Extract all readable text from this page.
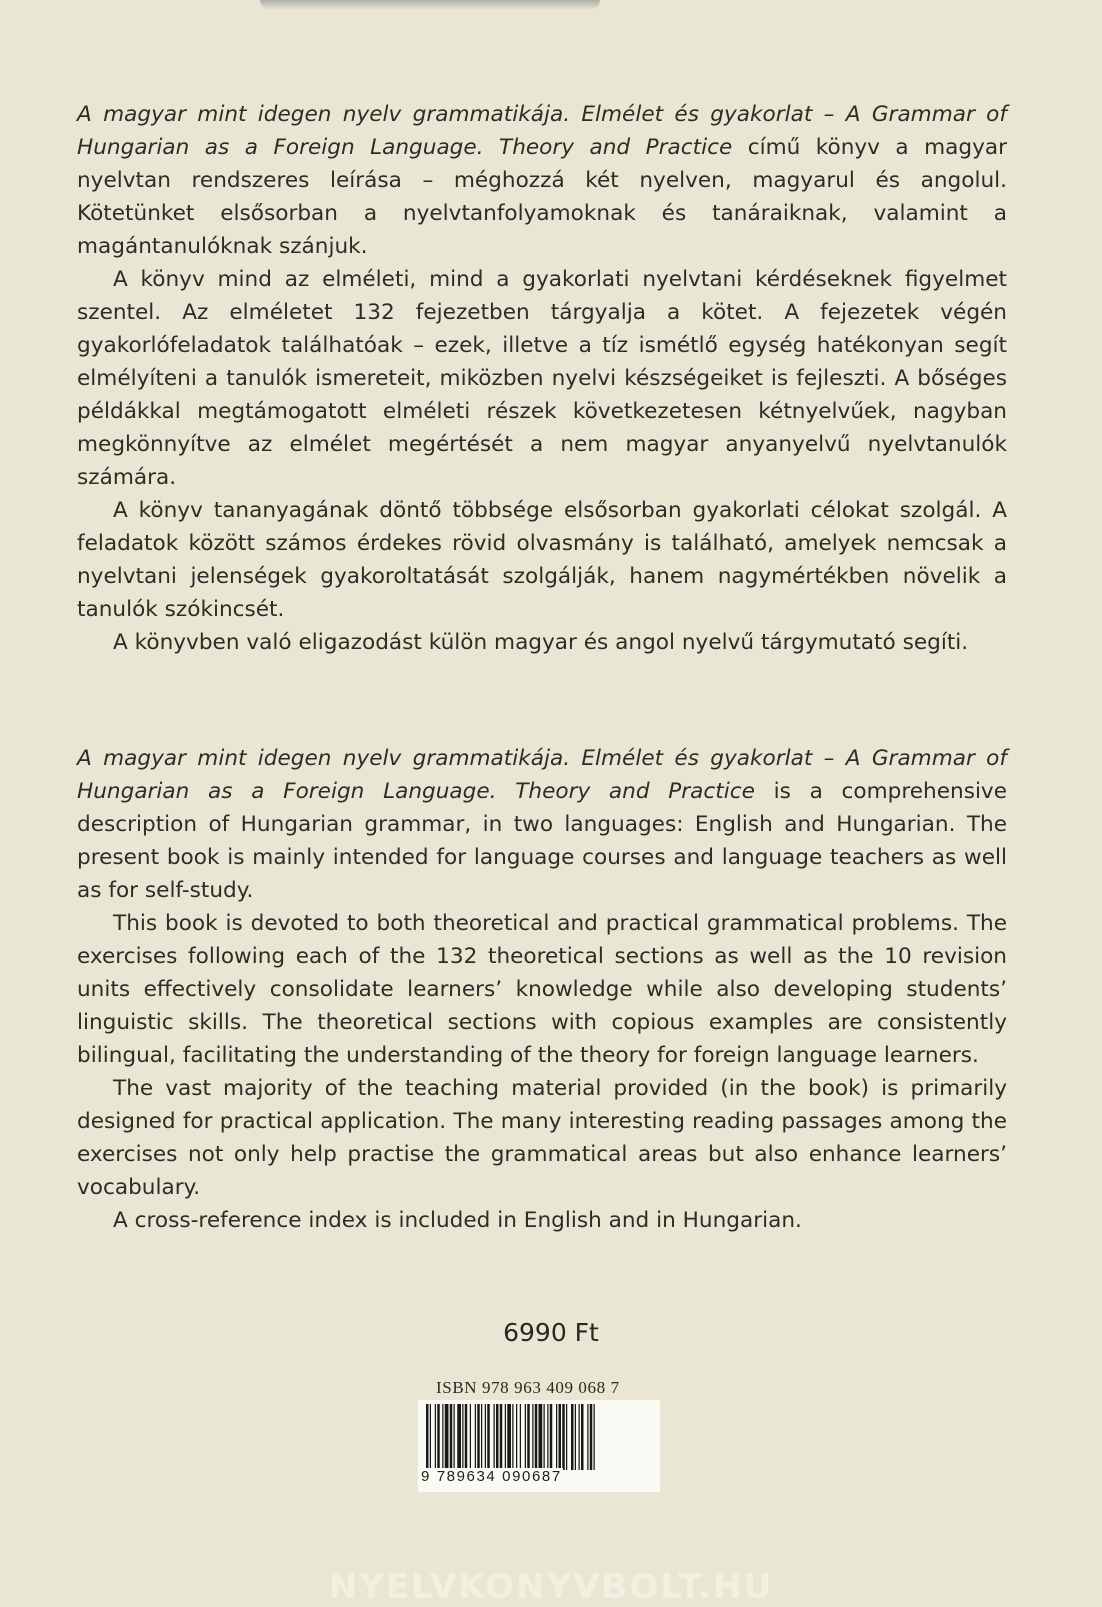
A magyar mint idegen nyelv grammatikája. Elmélet és gyakorlat – A Grammar of Hungarian as a Foreign Language. Theory and Practice című könyv a magyar nyelvtan rendszeres leírása – méghozzá két nyelven, magyarul és angolul. Kötetünket elsősorban a nyelvtanfolyamoknak és tanáraiknak, valamint a magántanulóknak szánjuk.

A könyv mind az elméleti, mind a gyakorlati nyelvtani kérdéseknek figyelmet szentel. Az elméletet 132 fejezetben tárgyalja a kötet. A fejezetek végén gyakorlófeladatok találhatóak – ezek, illetve a tíz ismétlő egység hatékonyan segít elmélyíteni a tanulók ismereteit, miközben nyelvi készségeiket is fejleszti. A bőséges példákkal megtámogatott elméleti részek következetesen kétnyelvűek, nagyban megkönnyítve az elmélet megértését a nem magyar anyanyelvű nyelvtanulók számára.

A könyv tananyagának döntő többsége elsősorban gyakorlati célokat szolgál. A feladatok között számos érdekes rövid olvasmány is található, amelyek nemcsak a nyelvtani jelenségek gyakoroltatását szolgálják, hanem nagymértékben növelik a tanulók szókincsét.

A könyvben való eligazodást külön magyar és angol nyelvű tárgymutató segíti.

A magyar mint idegen nyelv grammatikája. Elmélet és gyakorlat – A Grammar of Hungarian as a Foreign Language. Theory and Practice is a comprehensive description of Hungarian grammar, in two languages: English and Hungarian. The present book is mainly intended for language courses and language teachers as well as for self-study.

This book is devoted to both theoretical and practical grammatical problems. The exercises following each of the 132 theoretical sections as well as the 10 revision units effectively consolidate learners’ knowledge while also developing students’ linguistic skills. The theoretical sections with copious examples are consistently bilingual, facilitating the understanding of the theory for foreign language learners.

The vast majority of the teaching material provided (in the book) is primarily designed for practical application. The many interesting reading passages among the exercises not only help practise the grammatical areas but also enhance learners’ vocabulary.

A cross-reference index is included in English and in Hungarian.

6990 Ft
ISBN 978 963 409 068 7
9 789634 090687
NYELVKONYVBOLT.HU
